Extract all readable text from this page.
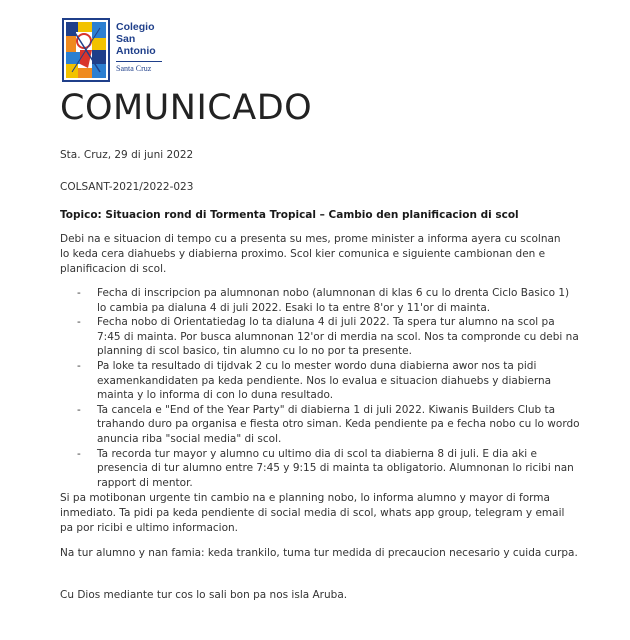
Colegio
San
Antonio
Santa Cruz
COMUNICADO

Sta. Cruz, 29 di juni 2022

COLSANT-2021/2022-023

Topico: Situacion rond di Tormenta Tropical – Cambio den planificacion di scol

Debi na e situacion di tempo cu a presenta su mes, prome minister a informa ayera cu scolnan lo keda cera diahuebs y diabierna proximo. Scol kier comunica e siguiente cambionan den e planificacion di scol.

- Fecha di inscripcion pa alumnonan nobo (alumnonan di klas 6 cu lo drenta Ciclo Basico 1) lo cambia pa dialuna 4 di juli 2022. Esaki lo ta entre 8'or y 11'or di mainta.
- Fecha nobo di Orientatiedag lo ta dialuna 4 di juli 2022. Ta spera tur alumno na scol pa 7:45 di mainta. Por busca alumnonan 12'or di merdia na scol. Nos ta compronde cu debi na planning di scol basico, tin alumno cu lo no por ta presente.
- Pa loke ta resultado di tijdvak 2 cu lo mester wordo duna diabierna awor nos ta pidi examenkandidaten pa keda pendiente. Nos lo evalua e situacion diahuebs y diabierna mainta y lo informa di con lo duna resultado.
- Ta cancela e "End of the Year Party" di diabierna 1 di juli 2022. Kiwanis Builders Club ta trahando duro pa organisa e fiesta otro siman. Keda pendiente pa e fecha nobo cu lo wordo anuncia riba "social media" di scol.
- Ta recorda tur mayor y alumno cu ultimo dia di scol ta diabierna 8 di juli. E dia aki e presencia di tur alumno entre 7:45 y 9:15 di mainta ta obligatorio. Alumnonan lo ricibi nan rapport di mentor.

Si pa motibonan urgente tin cambio na e planning nobo, lo informa alumno y mayor di forma inmediato. Ta pidi pa keda pendiente di social media di scol, whats app group, telegram y email pa por ricibi e ultimo informacion.

Na tur alumno y nan famia: keda trankilo, tuma tur medida di precaucion necesario y cuida curpa.

Cu Dios mediante tur cos lo sali bon pa nos isla Aruba.
